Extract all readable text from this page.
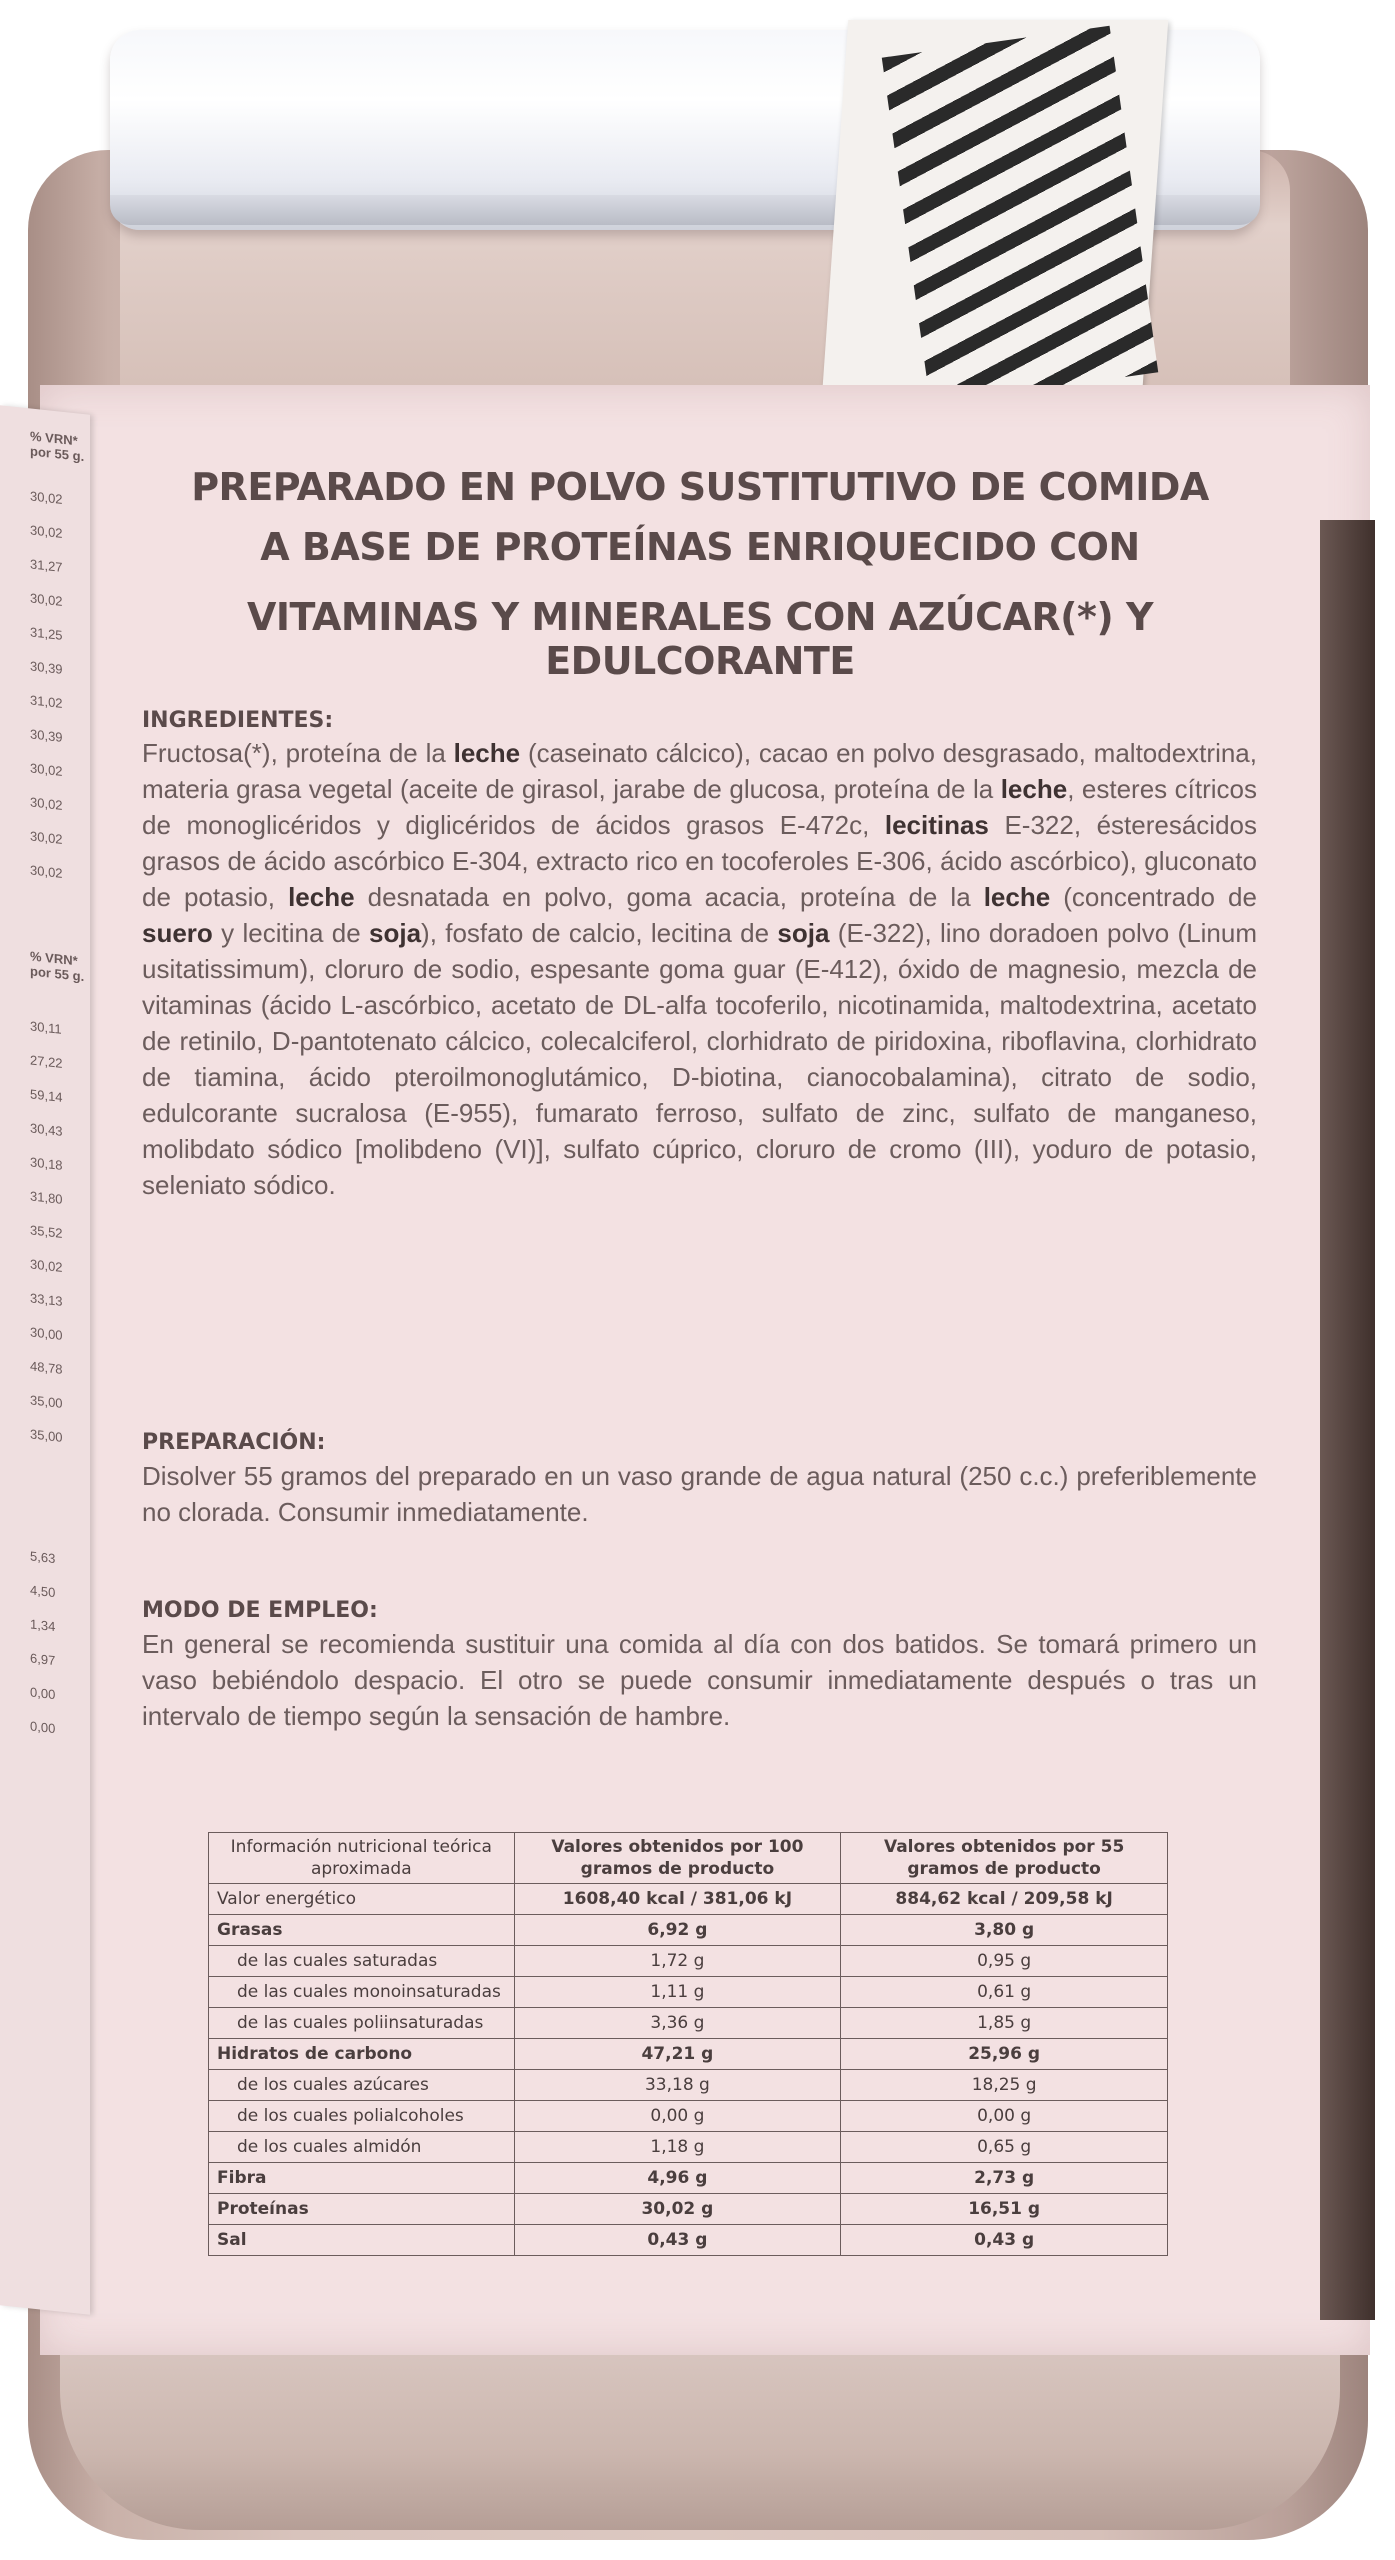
% VRN* por 55 g.
30,02
30,02
31,27
30,02
31,25
30,39
31,02
30,39
30,02
30,02
30,02
30,02
% VRN* por 55 g.
30,11
27,22
59,14
30,43
30,18
31,80
35,52
30,02
33,13
30,00
48,78
35,00
35,00
5,63
4,50
1,34
6,97
0,00
0,00
PREPARADO EN POLVO SUSTITUTIVO DE COMIDA
A BASE DE PROTEÍNAS ENRIQUECIDO CON
VITAMINAS Y MINERALES CON AZÚCAR(*) Y EDULCORANTE
INGREDIENTES:
Fructosa(*), proteína de la leche (caseinato cálcico), cacao en polvo desgrasado, maltodextrina, materia grasa vegetal (aceite de girasol, jarabe de glucosa, proteína de la leche, esteres cítricos de monoglicéridos y diglicéridos de ácidos grasos E-472c, lecitinas E-322, ésteresácidos grasos de ácido ascórbico E-304, extracto rico en tocoferoles E-306, ácido ascórbico), gluconato de potasio, leche desnatada en polvo, goma acacia, proteína de la leche (concentrado de suero y lecitina de soja), fosfato de calcio, lecitina de soja (E-322), lino doradoen polvo (Linum usitatissimum), cloruro de sodio, espesante goma guar (E-412), óxido de magnesio, mezcla de vitaminas (ácido L-ascórbico, acetato de DL-alfa tocoferilo, nicotinamida, maltodextrina, acetato de retinilo, D-pantotenato cálcico, colecalciferol, clorhidrato de piridoxina, riboflavina, clorhidrato de tiamina, ácido pteroilmonoglutámico, D-biotina, cianocobalamina), citrato de sodio, edulcorante sucralosa (E-955), fumarato ferroso, sulfato de zinc, sulfato de manganeso, molibdato sódico [molibdeno (VI)], sulfato cúprico, cloruro de cromo (III), yoduro de potasio, seleniato sódico.
PREPARACIÓN:
Disolver 55 gramos del preparado en un vaso grande de agua natural (250 c.c.) preferiblemente no clorada. Consumir inmediatamente.
MODO DE EMPLEO:
En general se recomienda sustituir una comida al día con dos batidos. Se tomará primero un vaso bebiéndolo despacio. El otro se puede consumir inmediatamente después o tras un intervalo de tiempo según la sensación de hambre.
Información nutricional teórica aproximada	Valores obtenidos por 100 gramos de producto	Valores obtenidos por 55 gramos de producto
Valor energético	1608,40 kcal / 381,06 kJ	884,62 kcal / 209,58 kJ
Grasas	6,92 g	3,80 g
de las cuales saturadas	1,72 g	0,95 g
de las cuales monoinsaturadas	1,11 g	0,61 g
de las cuales poliinsaturadas	3,36 g	1,85 g
Hidratos de carbono	47,21 g	25,96 g
de los cuales azúcares	33,18 g	18,25 g
de los cuales polialcoholes	0,00 g	0,00 g
de los cuales almidón	1,18 g	0,65 g
Fibra	4,96 g	2,73 g
Proteínas	30,02 g	16,51 g
Sal	0,43 g	0,43 g
